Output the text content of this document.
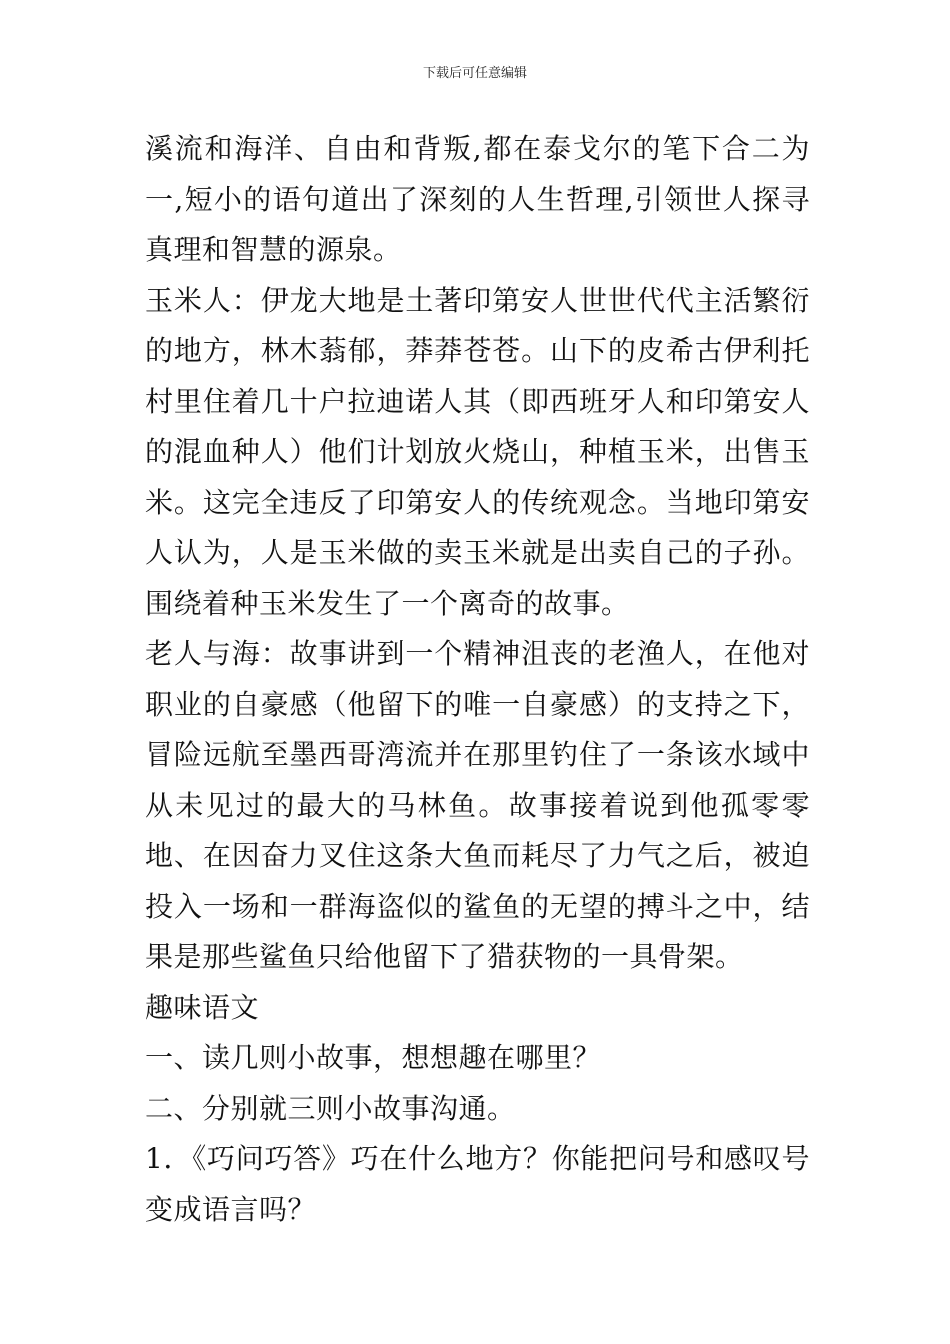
下载后可任意编辑

溪流和海洋、自由和背叛,都在泰戈尔的笔下合二为一,短小的语句道出了深刻的人生哲理,引领世人探寻真理和智慧的源泉。

玉米人：伊龙大地是土著印第安人世世代代主活繁衍的地方，林木蓊郁，莽莽苍苍。山下的皮希古伊利托村里住着几十户拉迪诺人其（即西班牙人和印第安人的混血种人）他们计划放火烧山，种植玉米，出售玉米。这完全违反了印第安人的传统观念。当地印第安人认为，人是玉米做的卖玉米就是出卖自己的子孙。围绕着种玉米发生了一个离奇的故事。

老人与海：故事讲到一个精神沮丧的老渔人，在他对职业的自豪感（他留下的唯一自豪感）的支持之下，冒险远航至墨西哥湾流并在那里钓住了一条该水域中从未见过的最大的马林鱼。故事接着说到他孤零零地、在因奋力叉住这条大鱼而耗尽了力气之后，被迫投入一场和一群海盗似的鲨鱼的无望的搏斗之中，结果是那些鲨鱼只给他留下了猎获物的一具骨架。

趣味语文

一、读几则小故事，想想趣在哪里？

二、分别就三则小故事沟通。

1．《巧问巧答》巧在什么地方？你能把问号和感叹号变成语言吗？
